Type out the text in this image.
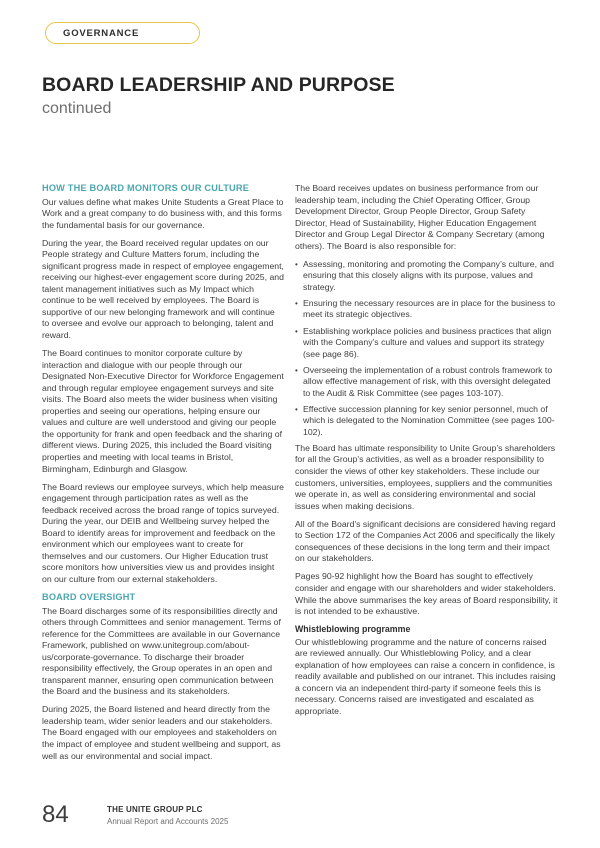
GOVERNANCE
BOARD LEADERSHIP AND PURPOSE
continued
HOW THE BOARD MONITORS OUR CULTURE

Our values define what makes Unite Students a Great Place to Work and a great company to do business with, and this forms the fundamental basis for our governance.

During the year, the Board received regular updates on our People strategy and Culture Matters forum, including the significant progress made in respect of employee engagement, receiving our highest-ever engagement score during 2025, and talent management initiatives such as My Impact which continue to be well received by employees. The Board is supportive of our new belonging framework and will continue to oversee and evolve our approach to belonging, talent and reward.

The Board continues to monitor corporate culture by interaction and dialogue with our people through our Designated Non-Executive Director for Workforce Engagement and through regular employee engagement surveys and site visits. The Board also meets the wider business when visiting properties and seeing our operations, helping ensure our values and culture are well understood and giving our people the opportunity for frank and open feedback and the sharing of different views. During 2025, this included the Board visiting properties and meeting with local teams in Bristol, Birmingham, Edinburgh and Glasgow.

The Board reviews our employee surveys, which help measure engagement through participation rates as well as the feedback received across the broad range of topics surveyed. During the year, our DEIB and Wellbeing survey helped the Board to identify areas for improvement and feedback on the environment which our employees want to create for themselves and our customers. Our Higher Education trust score monitors how universities view us and provides insight on our culture from our external stakeholders.

BOARD OVERSIGHT

The Board discharges some of its responsibilities directly and others through Committees and senior management. Terms of reference for the Committees are available in our Governance Framework, published on www.unitegroup.com/about-us/corporate-governance. To discharge their broader responsibility effectively, the Group operates in an open and transparent manner, ensuring open communication between the Board and the business and its stakeholders.

During 2025, the Board listened and heard directly from the leadership team, wider senior leaders and our stakeholders. The Board engaged with our employees and stakeholders on the impact of employee and student wellbeing and support, as well as our environmental and social impact.

The Board receives updates on business performance from our leadership team, including the Chief Operating Officer, Group Development Director, Group People Director, Group Safety Director, Head of Sustainability, Higher Education Engagement Director and Group Legal Director & Company Secretary (among others). The Board is also responsible for:

• Assessing, monitoring and promoting the Company’s culture, and ensuring that this closely aligns with its purpose, values and strategy.
• Ensuring the necessary resources are in place for the business to meet its strategic objectives.
• Establishing workplace policies and business practices that align with the Company’s culture and values and support its strategy (see page 86).
• Overseeing the implementation of a robust controls framework to allow effective management of risk, with this oversight delegated to the Audit & Risk Committee (see pages 103-107).
• Effective succession planning for key senior personnel, much of which is delegated to the Nomination Committee (see pages 100-102).

The Board has ultimate responsibility to Unite Group’s shareholders for all the Group’s activities, as well as a broader responsibility to consider the views of other key stakeholders. These include our customers, universities, employees, suppliers and the communities we operate in, as well as considering environmental and social issues when making decisions.

All of the Board’s significant decisions are considered having regard to Section 172 of the Companies Act 2006 and specifically the likely consequences of these decisions in the long term and their impact on our stakeholders.

Pages 90-92 highlight how the Board has sought to effectively consider and engage with our shareholders and wider stakeholders. While the above summarises the key areas of Board responsibility, it is not intended to be exhaustive.

Whistleblowing programme

Our whistleblowing programme and the nature of concerns raised are reviewed annually. Our Whistleblowing Policy, and a clear explanation of how employees can raise a concern in confidence, is readily available and published on our intranet. This includes raising a concern via an independent third-party if someone feels this is necessary. Concerns raised are investigated and escalated as appropriate.

84	THE UNITE GROUP PLC
Annual Report and Accounts 2025
